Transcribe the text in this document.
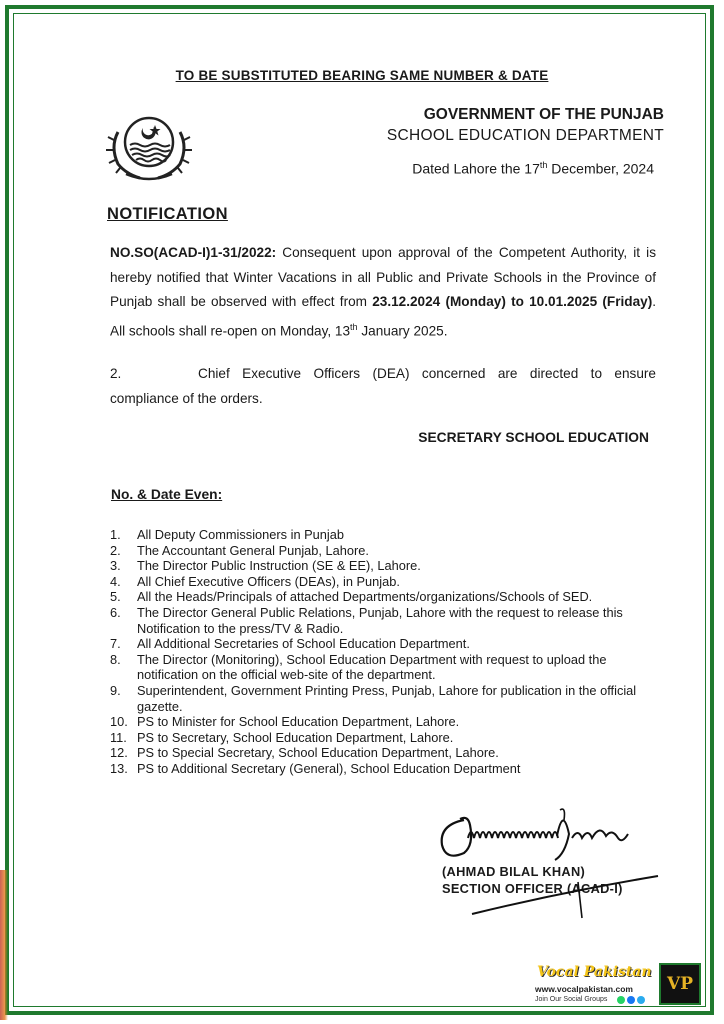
TO BE SUBSTITUTED BEARING SAME NUMBER & DATE
GOVERNMENT OF THE PUNJAB
SCHOOL EDUCATION DEPARTMENT
Dated Lahore the 17th December, 2024
NOTIFICATION
NO.SO(ACAD-I)1-31/2022: Consequent upon approval of the Competent Authority, it is hereby notified that Winter Vacations in all Public and Private Schools in the Province of Punjab shall be observed with effect from 23.12.2024 (Monday) to 10.01.2025 (Friday). All schools shall re-open on Monday, 13th January 2025.
2.	Chief Executive Officers (DEA) concerned are directed to ensure compliance of the orders.
SECRETARY SCHOOL EDUCATION
No. & Date Even:
1.	All Deputy Commissioners in Punjab
2.	The Accountant General Punjab, Lahore.
3.	The Director Public Instruction (SE & EE), Lahore.
4.	All Chief Executive Officers (DEAs), in Punjab.
5.	All the Heads/Principals of attached Departments/organizations/Schools of SED.
6.	The Director General Public Relations, Punjab, Lahore with the request to release this Notification to the press/TV & Radio.
7.	All Additional Secretaries of School Education Department.
8.	The Director (Monitoring), School Education Department with request to upload the notification on the official web-site of the department.
9.	Superintendent, Government Printing Press, Punjab, Lahore for publication in the official gazette.
10. PS to Minister for School Education Department, Lahore.
11. PS to Secretary, School Education Department, Lahore.
12. PS to Special Secretary, School Education Department, Lahore.
13. PS to Additional Secretary (General), School Education Department
(AHMAD BILAL KHAN)
SECTION OFFICER (ACAD-I)
Vocal Pakistan
www.vocalpakistan.com
Join Our Social Groups
VP
